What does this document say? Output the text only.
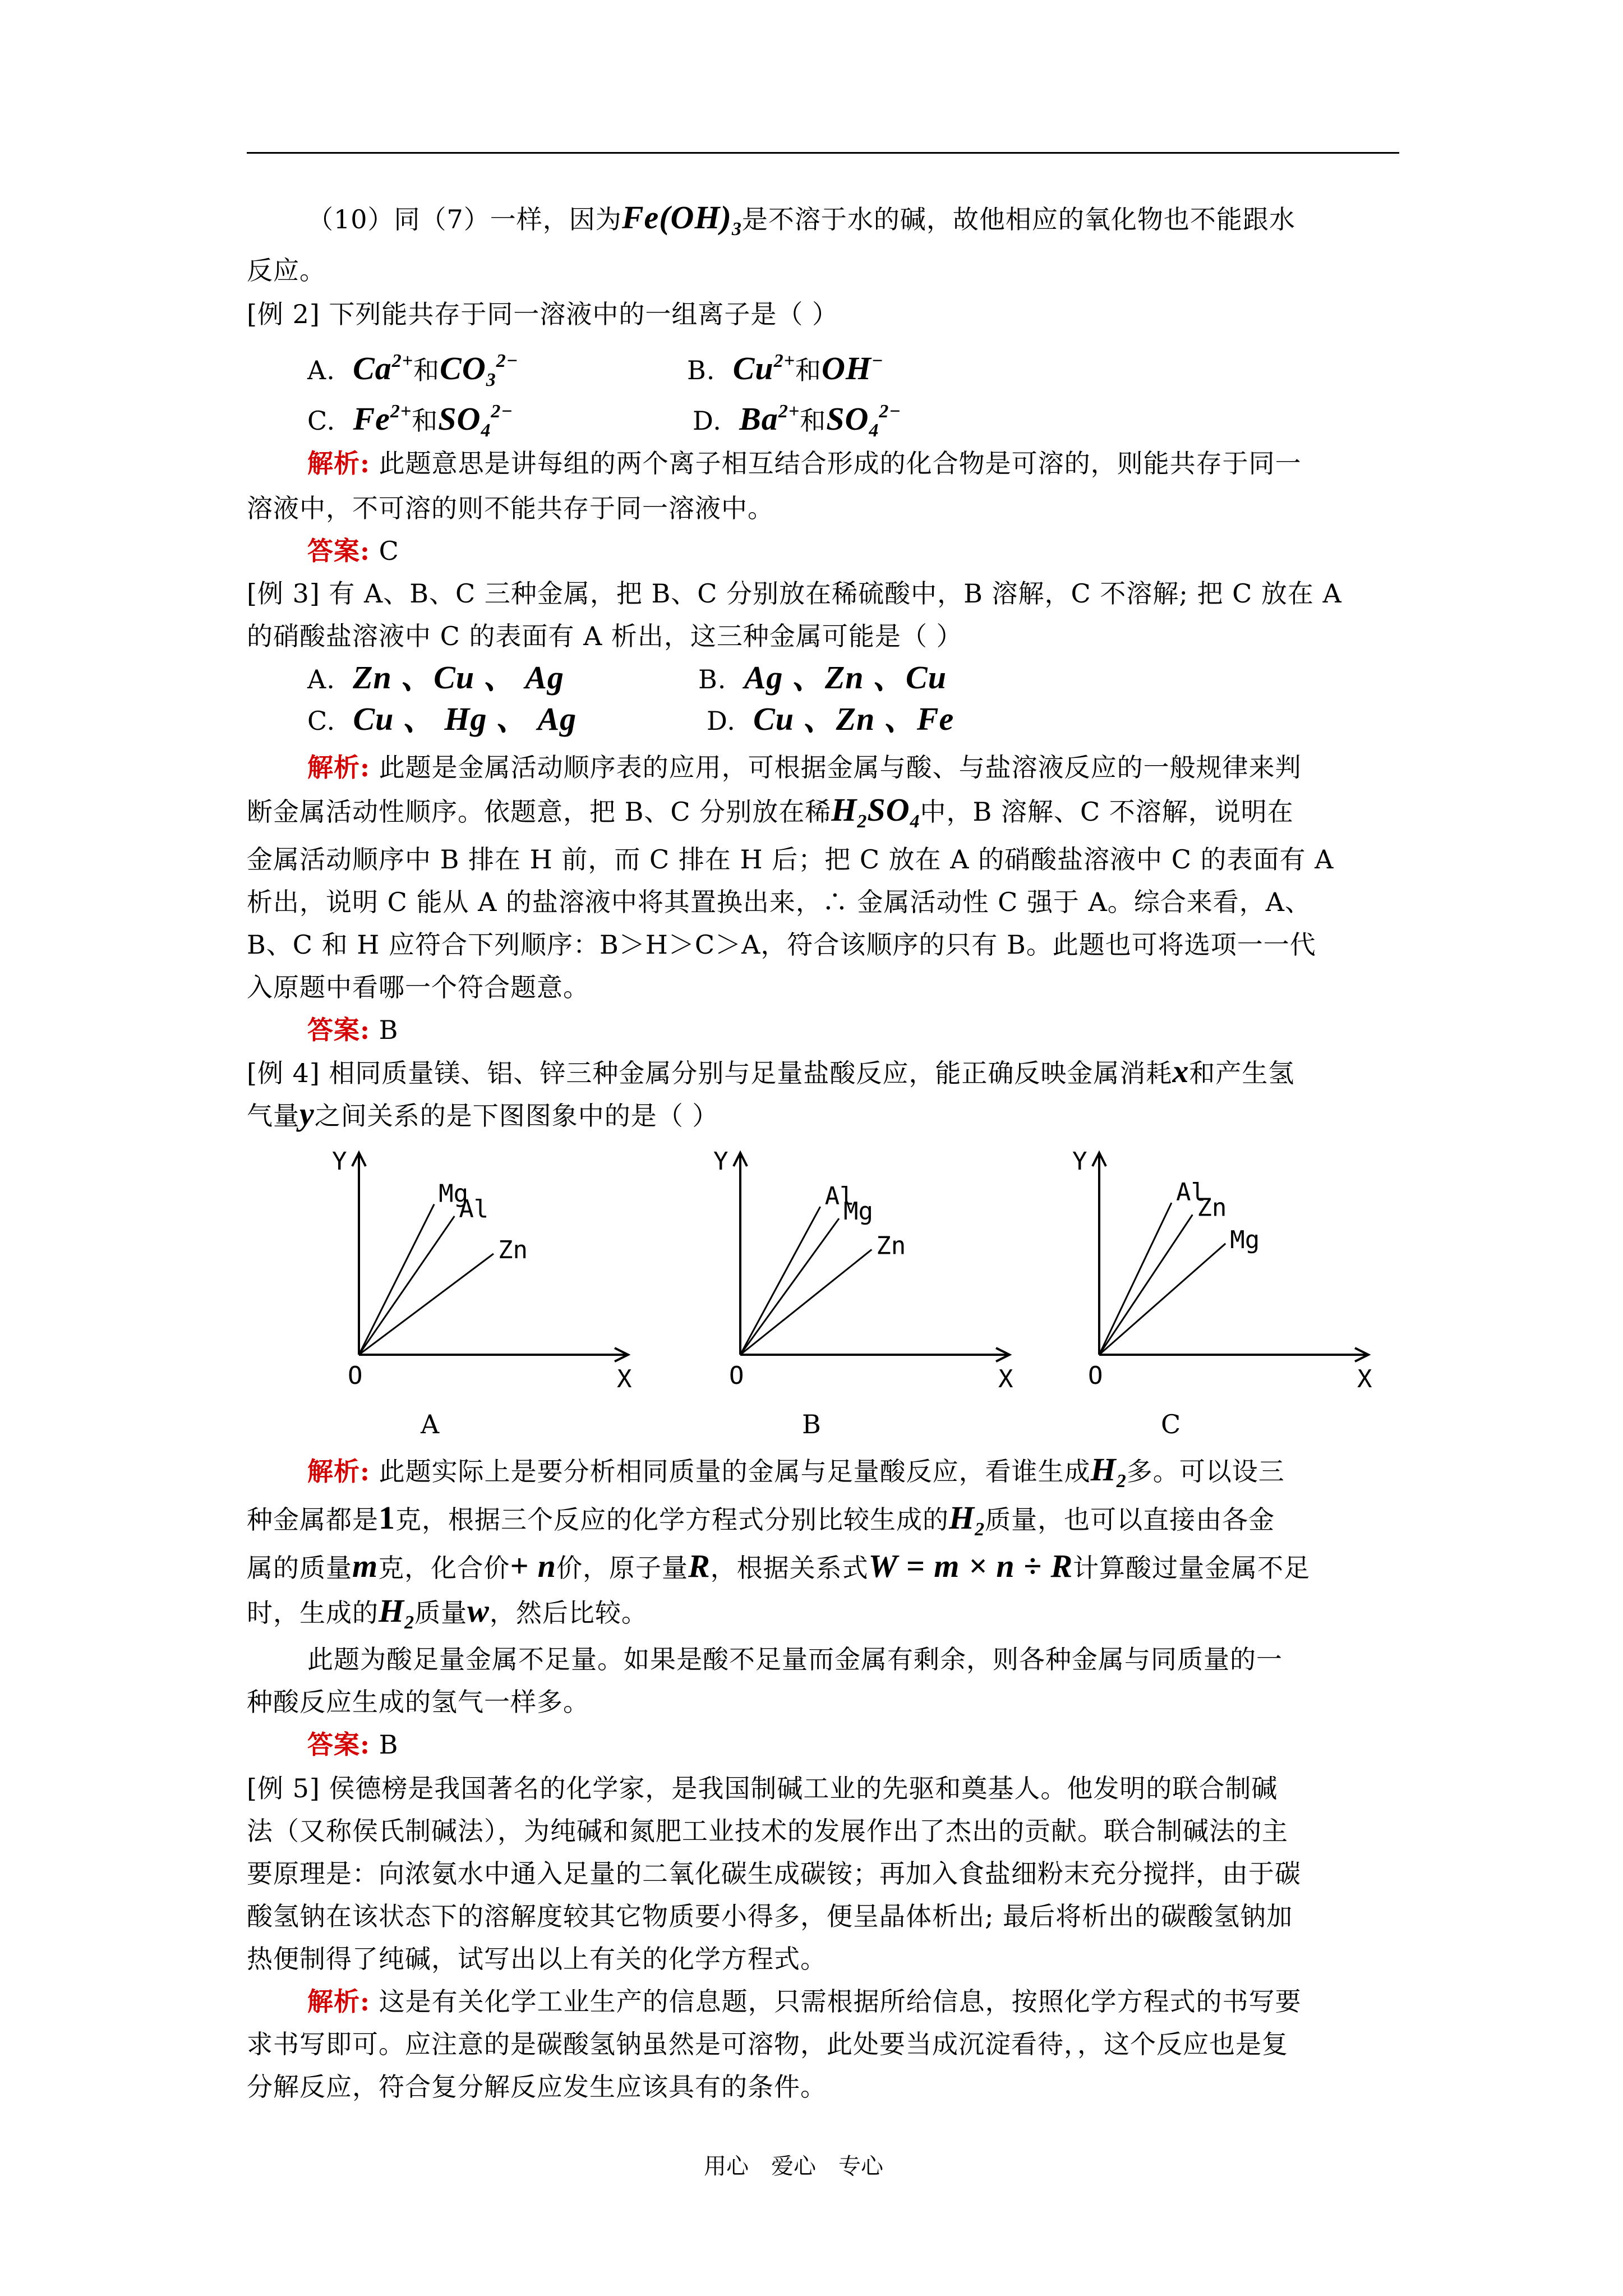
（10）同（7）一样，因为$Fe(OH)_3$是不溶于水的碱，故他相应的氧化物也不能跟水
反应。
[例 2] 下列能共存于同一溶液中的一组离子是（ ）
A. $Ca^{2+}$和$CO_3^{2-}$	B. $Cu^{2+}$和OH−
C. $Fe^{2+}$和$SO_4^{2-}$	D. $Ba^{2+}$和$SO_4^{2-}$
解析: 此题意思是讲每组的两个离子相互结合形成的化合物是可溶的，则能共存于同一
溶液中，不可溶的则不能共存于同一溶液中。
答案: C
[例 3] 有 A、B、C 三种金属，把 B、C 分别放在稀硫酸中，B 溶解，C 不溶解; 把 C 放在 A
的硝酸盐溶液中 C 的表面有 A 析出，这三种金属可能是（ ）
A. Zn 、Cu 、 Ag	B. Ag 、Zn 、Cu
C. Cu 、 Hg 、 Ag	D. Cu 、Zn 、Fe
解析: 此题是金属活动顺序表的应用，可根据金属与酸、与盐溶液反应的一般规律来判
断金属活动性顺序。依题意，把 B、C 分别放在稀$H_2SO_4$中，B 溶解、C 不溶解，说明在
金属活动顺序中 B 排在 H 前，而 C 排在 H 后；把 C 放在 A 的硝酸盐溶液中 C 的表面有 A
析出，说明 C 能从 A 的盐溶液中将其置换出来，∴ 金属活动性 C 强于 A。综合来看，A、
B、C 和 H 应符合下列顺序：B＞H＞C＞A，符合该顺序的只有 B。此题也可将选项一一代
入原题中看哪一个符合题意。
答案: B
[例 4] 相同质量镁、铝、锌三种金属分别与足量盐酸反应，能正确反映金属消耗x和产生氢
气量y之间关系的是下图图象中的是（ ）
Y
X
O
Mg
Al
Zn
A
Y
X
O
Al
Mg
Zn
B
Y
X
O
Al
Zn
Mg
C
解析: 此题实际上是要分析相同质量的金属与足量酸反应，看谁生成$H_2$多。可以设三
种金属都是1克，根据三个反应的化学方程式分别比较生成的$H_2$质量，也可以直接由各金
属的质量m克，化合价+ n价，原子量R，根据关系式W = m × n ÷ R计算酸过量金属不足
时，生成的$H_2$质量w，然后比较。
此题为酸足量金属不足量。如果是酸不足量而金属有剩余，则各种金属与同质量的一
种酸反应生成的氢气一样多。
答案: B
[例 5] 侯德榜是我国著名的化学家，是我国制碱工业的先驱和奠基人。他发明的联合制碱
法（又称侯氏制碱法），为纯碱和氮肥工业技术的发展作出了杰出的贡献。联合制碱法的主
要原理是：向浓氨水中通入足量的二氧化碳生成碳铵；再加入食盐细粉末充分搅拌，由于碳
酸氢钠在该状态下的溶解度较其它物质要小得多，便呈晶体析出; 最后将析出的碳酸氢钠加
热便制得了纯碱，试写出以上有关的化学方程式。
解析: 这是有关化学工业生产的信息题，只需根据所给信息，按照化学方程式的书写要
求书写即可。应注意的是碳酸氢钠虽然是可溶物，此处要当成沉淀看待，，这个反应也是复
分解反应，符合复分解反应发生应该具有的条件。
用心　爱心　专心
